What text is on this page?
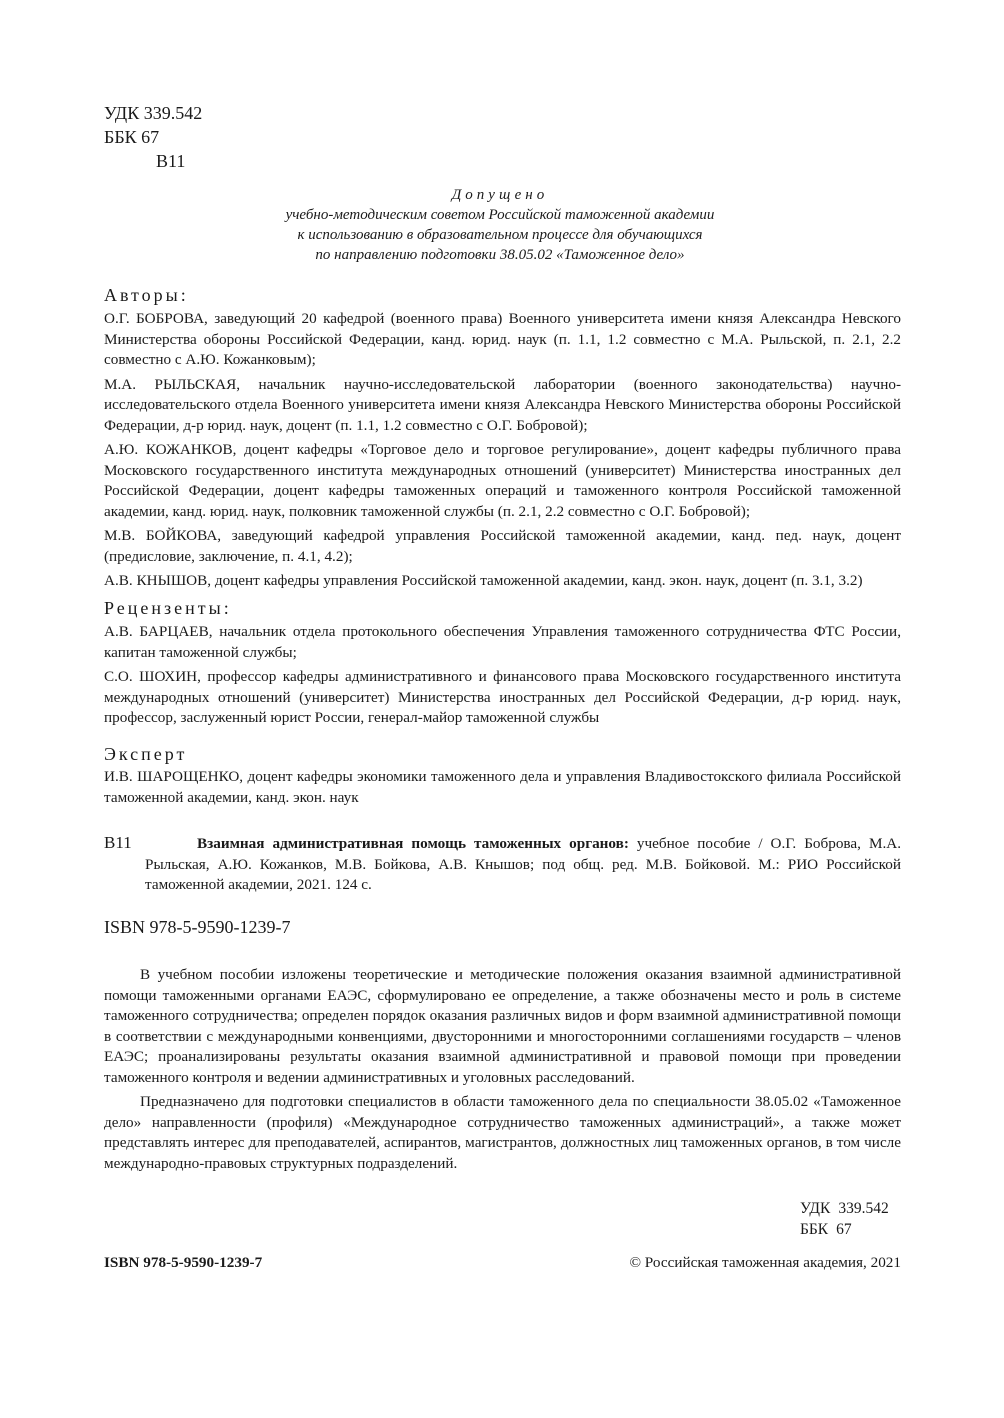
УДК 339.542
ББК 67
В11
Допущено
учебно-методическим советом Российской таможенной академии
к использованию в образовательном процессе для обучающихся
по направлению подготовки 38.05.02 «Таможенное дело»
Авторы:

О.Г. БОБРОВА, заведующий 20 кафедрой (военного права) Военного университета имени князя Александра Невского Министерства обороны Российской Федерации, канд. юрид. наук (п. 1.1, 1.2 совместно с М.А. Рыльской, п. 2.1, 2.2 совместно с А.Ю. Кожанковым);

М.А. РЫЛЬСКАЯ, начальник научно-исследовательской лаборатории (военного законодательства) научно-исследовательского отдела Военного университета имени князя Александра Невского Министерства обороны Российской Федерации, д-р юрид. наук, доцент (п. 1.1, 1.2 совместно с О.Г. Бобровой);

А.Ю. КОЖАНКОВ, доцент кафедры «Торговое дело и торговое регулирование», доцент кафедры публичного права Московского государственного института международных отношений (университет) Министерства иностранных дел Российской Федерации, доцент кафедры таможенных операций и таможенного контроля Российской таможенной академии, канд. юрид. наук, полковник таможенной службы (п. 2.1, 2.2 совместно с О.Г. Бобровой);

М.В. БОЙКОВА, заведующий кафедрой управления Российской таможенной академии, канд. пед. наук, доцент (предисловие, заключение, п. 4.1, 4.2);

А.В. КНЫШОВ, доцент кафедры управления Российской таможенной академии, канд. экон. наук, доцент (п. 3.1, 3.2)

Рецензенты:

А.В. БАРЦАЕВ, начальник отдела протокольного обеспечения Управления таможенного сотрудничества ФТС России, капитан таможенной службы;

С.О. ШОХИН, профессор кафедры административного и финансового права Московского государственного института международных отношений (университет) Министерства иностранных дел Российской Федерации, д-р юрид. наук, профессор, заслуженный юрист России, генерал-майор таможенной службы

Эксперт

И.В. ШАРОЩЕНКО, доцент кафедры экономики таможенного дела и управления Владивостокского филиала Российской таможенной академии, канд. экон. наук

В11	Взаимная административная помощь таможенных органов: учебное пособие / О.Г. Боброва, М.А. Рыльская, А.Ю. Кожанков, М.В. Бойкова, А.В. Кнышов; под общ. ред. М.В. Бойковой. М.: РИО Российской таможенной академии, 2021. 124 с.
ISBN 978-5-9590-1239-7

В учебном пособии изложены теоретические и методические положения оказания взаимной административной помощи таможенными органами ЕАЭС, сформулировано ее определение, а также обозначены место и роль в системе таможенного сотрудничества; определен порядок оказания различных видов и форм взаимной административной помощи в соответствии с международными конвенциями, двусторонними и многосторонними соглашениями государств – членов ЕАЭС; проанализированы результаты оказания взаимной административной и правовой помощи при проведении таможенного контроля и ведении административных и уголовных расследований.

Предназначено для подготовки специалистов в области таможенного дела по специальности 38.05.02 «Таможенное дело» направленности (профиля) «Международное сотрудничество таможенных администраций», а также может представлять интерес для преподавателей, аспирантов, магистрантов, должностных лиц таможенных органов, в том числе международно-правовых структурных подразделений.

УДК 339.542
ББК 67
ISBN 978-5-9590-1239-7	© Российская таможенная академия, 2021
